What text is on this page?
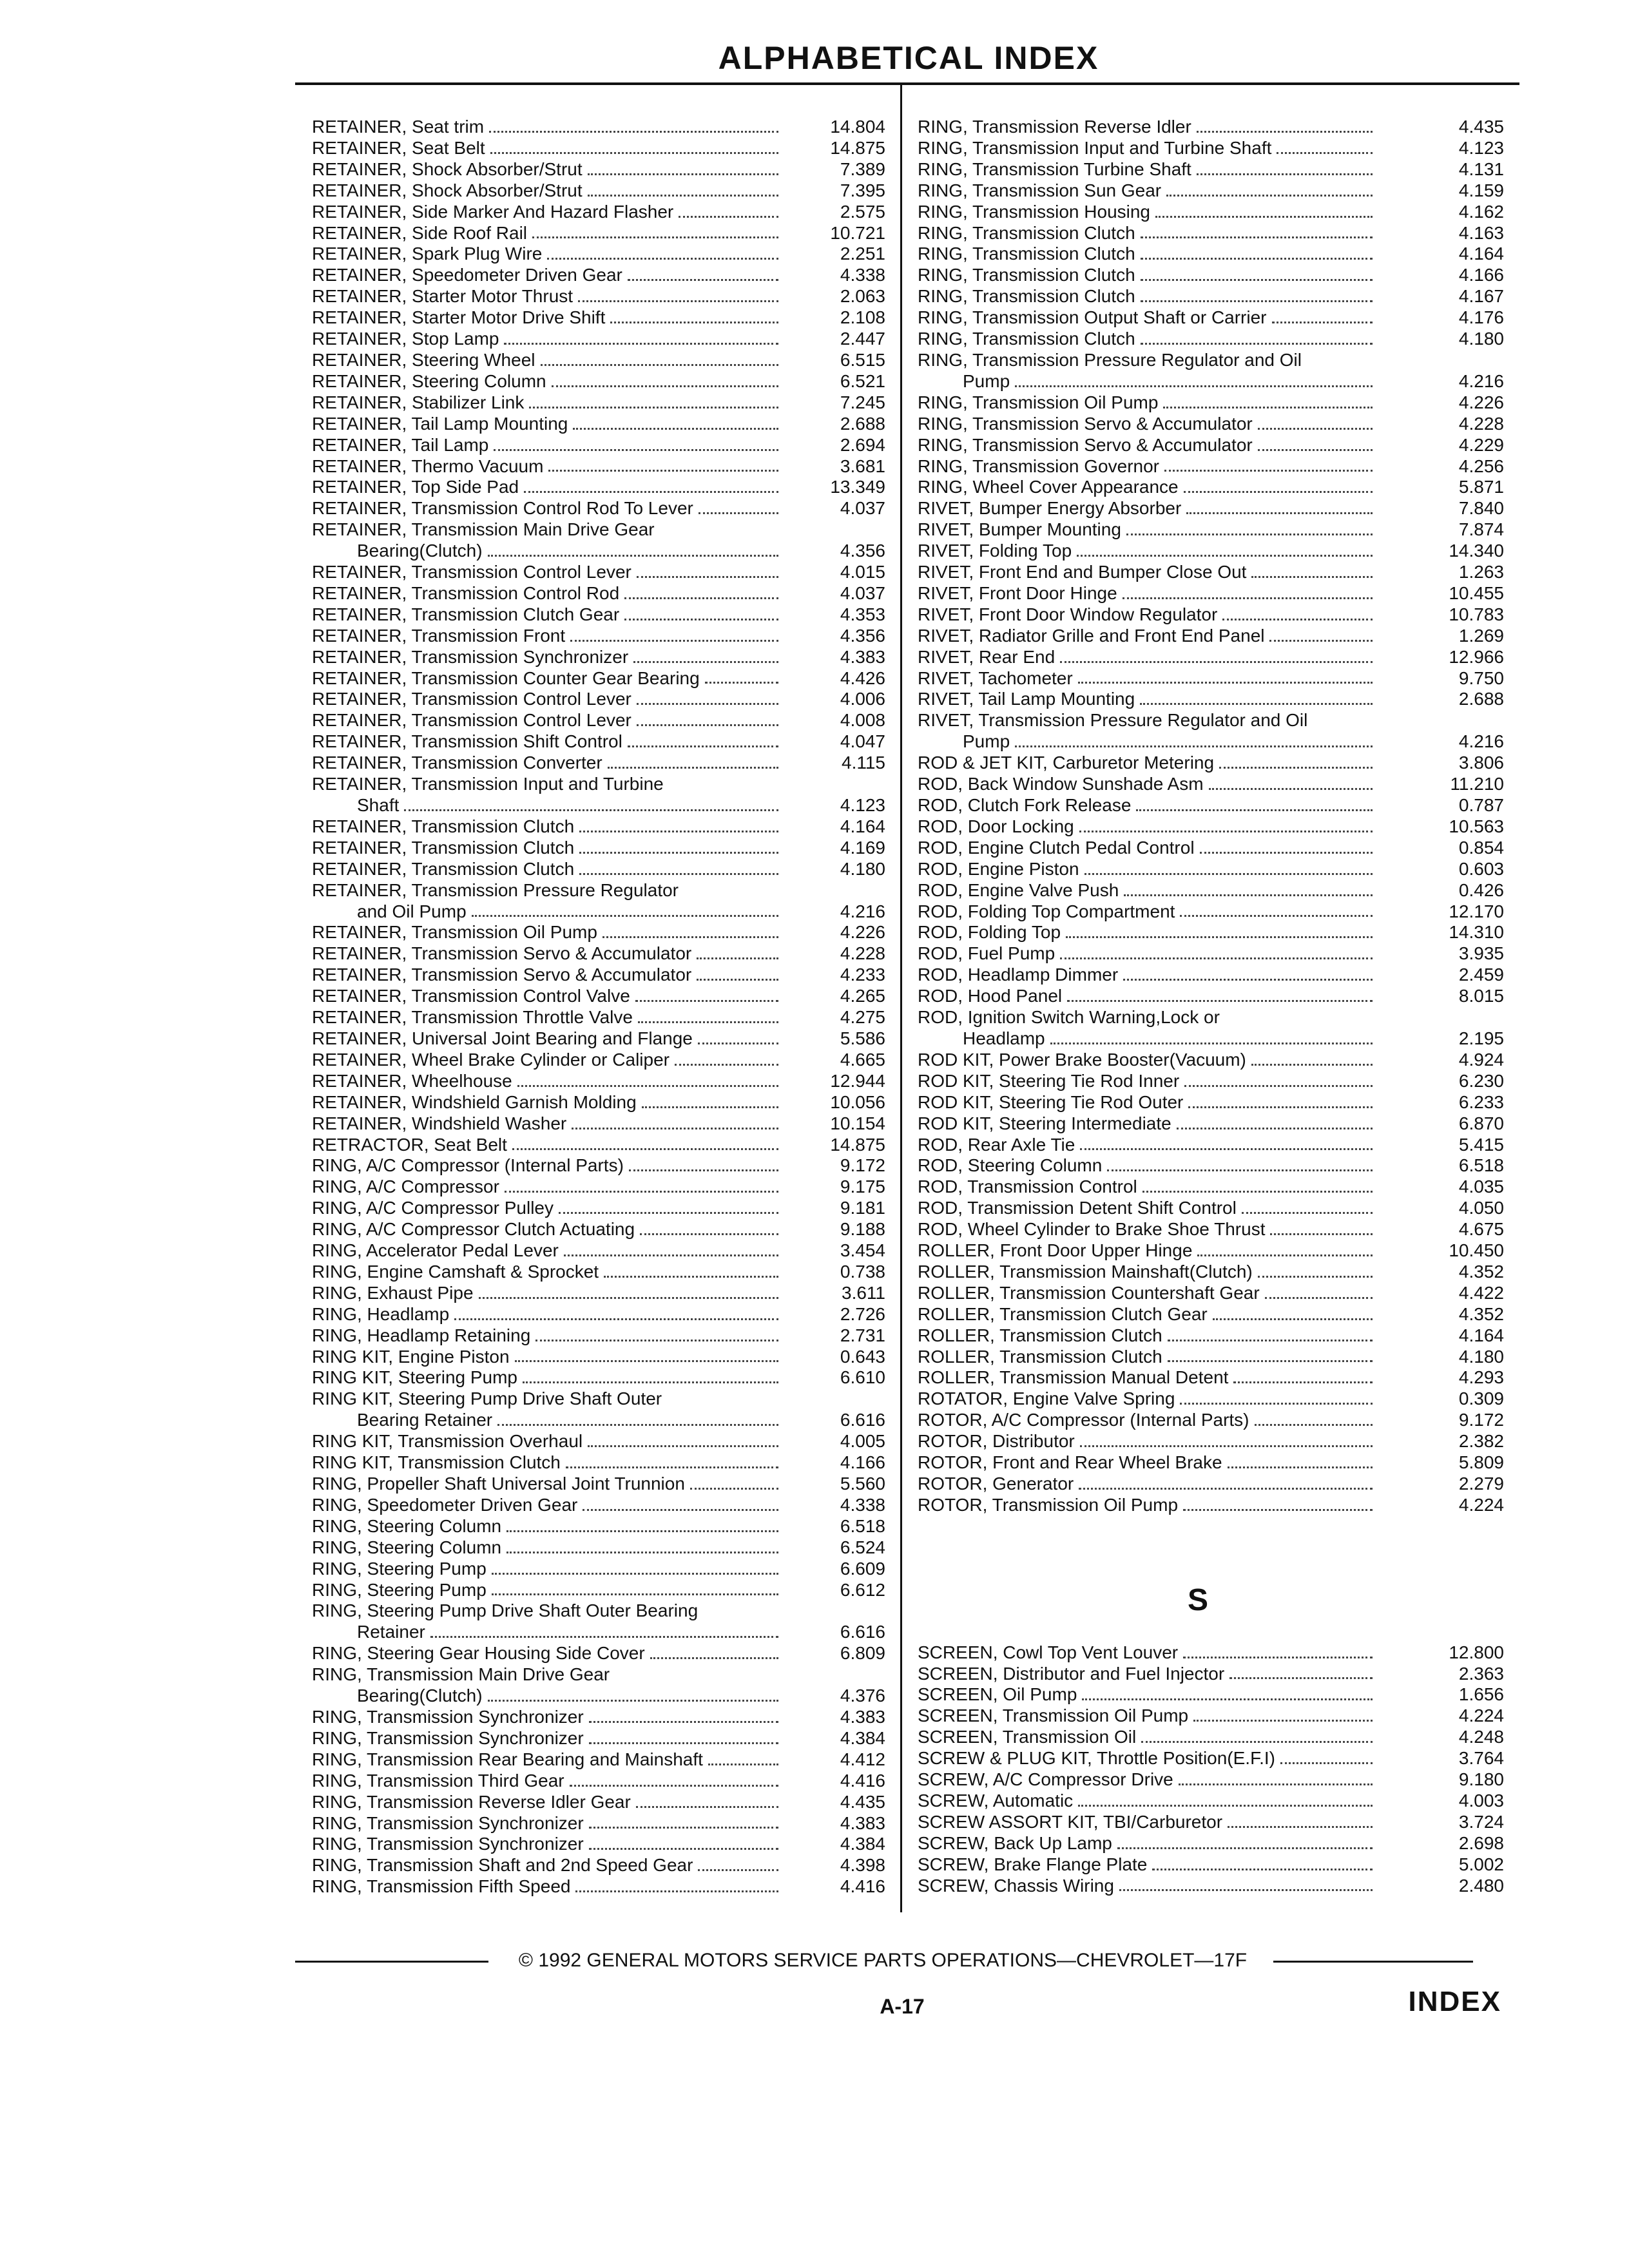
ALPHABETICAL INDEX
RETAINER, Seat trim	14.804
RETAINER, Seat Belt	14.875
RETAINER, Shock Absorber/Strut	7.389
RETAINER, Shock Absorber/Strut	7.395
RETAINER, Side Marker And Hazard Flasher	2.575
RETAINER, Side Roof Rail	10.721
RETAINER, Spark Plug Wire	2.251
RETAINER, Speedometer Driven Gear	4.338
RETAINER, Starter Motor Thrust	2.063
RETAINER, Starter Motor Drive Shift	2.108
RETAINER, Stop Lamp	2.447
RETAINER, Steering Wheel	6.515
RETAINER, Steering Column	6.521
RETAINER, Stabilizer Link	7.245
RETAINER, Tail Lamp Mounting	2.688
RETAINER, Tail Lamp	2.694
RETAINER, Thermo Vacuum	3.681
RETAINER, Top Side Pad	13.349
RETAINER, Transmission Control Rod To Lever	4.037
RETAINER, Transmission Main Drive Gear
Bearing(Clutch)	4.356
RETAINER, Transmission Control Lever	4.015
RETAINER, Transmission Control Rod	4.037
RETAINER, Transmission Clutch Gear	4.353
RETAINER, Transmission Front	4.356
RETAINER, Transmission Synchronizer	4.383
RETAINER, Transmission Counter Gear Bearing	4.426
RETAINER, Transmission Control Lever	4.006
RETAINER, Transmission Control Lever	4.008
RETAINER, Transmission Shift Control	4.047
RETAINER, Transmission Converter	4.115
RETAINER, Transmission Input and Turbine
Shaft	4.123
RETAINER, Transmission Clutch	4.164
RETAINER, Transmission Clutch	4.169
RETAINER, Transmission Clutch	4.180
RETAINER, Transmission Pressure Regulator
and Oil Pump	4.216
RETAINER, Transmission Oil Pump	4.226
RETAINER, Transmission Servo & Accumulator	4.228
RETAINER, Transmission Servo & Accumulator	4.233
RETAINER, Transmission Control Valve	4.265
RETAINER, Transmission Throttle Valve	4.275
RETAINER, Universal Joint Bearing and Flange	5.586
RETAINER, Wheel Brake Cylinder or Caliper	4.665
RETAINER, Wheelhouse	12.944
RETAINER, Windshield Garnish Molding	10.056
RETAINER, Windshield Washer	10.154
RETRACTOR, Seat Belt	14.875
RING, A/C Compressor (Internal Parts)	9.172
RING, A/C Compressor	9.175
RING, A/C Compressor Pulley	9.181
RING, A/C Compressor Clutch Actuating	9.188
RING, Accelerator Pedal Lever	3.454
RING, Engine Camshaft & Sprocket	0.738
RING, Exhaust Pipe	3.611
RING, Headlamp	2.726
RING, Headlamp Retaining	2.731
RING KIT, Engine Piston	0.643
RING KIT, Steering Pump	6.610
RING KIT, Steering Pump Drive Shaft Outer
Bearing Retainer	6.616
RING KIT, Transmission Overhaul	4.005
RING KIT, Transmission Clutch	4.166
RING, Propeller Shaft Universal Joint Trunnion	5.560
RING, Speedometer Driven Gear	4.338
RING, Steering Column	6.518
RING, Steering Column	6.524
RING, Steering Pump	6.609
RING, Steering Pump	6.612
RING, Steering Pump Drive Shaft Outer Bearing
Retainer	6.616
RING, Steering Gear Housing Side Cover	6.809
RING, Transmission Main Drive Gear
Bearing(Clutch)	4.376
RING, Transmission Synchronizer	4.383
RING, Transmission Synchronizer	4.384
RING, Transmission Rear Bearing and Mainshaft	4.412
RING, Transmission Third Gear	4.416
RING, Transmission Reverse Idler Gear	4.435
RING, Transmission Synchronizer	4.383
RING, Transmission Synchronizer	4.384
RING, Transmission Shaft and 2nd Speed Gear	4.398
RING, Transmission Fifth Speed	4.416
RING, Transmission Reverse Idler	4.435
RING, Transmission Input and Turbine Shaft	4.123
RING, Transmission Turbine Shaft	4.131
RING, Transmission Sun Gear	4.159
RING, Transmission Housing	4.162
RING, Transmission Clutch	4.163
RING, Transmission Clutch	4.164
RING, Transmission Clutch	4.166
RING, Transmission Clutch	4.167
RING, Transmission Output Shaft or Carrier	4.176
RING, Transmission Clutch	4.180
RING, Transmission Pressure Regulator and Oil
Pump	4.216
RING, Transmission Oil Pump	4.226
RING, Transmission Servo & Accumulator	4.228
RING, Transmission Servo & Accumulator	4.229
RING, Transmission Governor	4.256
RING, Wheel Cover Appearance	5.871
RIVET, Bumper Energy Absorber	7.840
RIVET, Bumper Mounting	7.874
RIVET, Folding Top	14.340
RIVET, Front End and Bumper Close Out	1.263
RIVET, Front Door Hinge	10.455
RIVET, Front Door Window Regulator	10.783
RIVET, Radiator Grille and Front End Panel	1.269
RIVET, Rear End	12.966
RIVET, Tachometer	9.750
RIVET, Tail Lamp Mounting	2.688
RIVET, Transmission Pressure Regulator and Oil
Pump	4.216
ROD & JET KIT, Carburetor Metering	3.806
ROD, Back Window Sunshade Asm	11.210
ROD, Clutch Fork Release	0.787
ROD, Door Locking	10.563
ROD, Engine Clutch Pedal Control	0.854
ROD, Engine Piston	0.603
ROD, Engine Valve Push	0.426
ROD, Folding Top Compartment	12.170
ROD, Folding Top	14.310
ROD, Fuel Pump	3.935
ROD, Headlamp Dimmer	2.459
ROD, Hood Panel	8.015
ROD, Ignition Switch Warning,Lock or
Headlamp	2.195
ROD KIT, Power Brake Booster(Vacuum)	4.924
ROD KIT, Steering Tie Rod Inner	6.230
ROD KIT, Steering Tie Rod Outer	6.233
ROD KIT, Steering Intermediate	6.870
ROD, Rear Axle Tie	5.415
ROD, Steering Column	6.518
ROD, Transmission Control	4.035
ROD, Transmission Detent Shift Control	4.050
ROD, Wheel Cylinder to Brake Shoe Thrust	4.675
ROLLER, Front Door Upper Hinge	10.450
ROLLER, Transmission Mainshaft(Clutch)	4.352
ROLLER, Transmission Countershaft Gear	4.422
ROLLER, Transmission Clutch Gear	4.352
ROLLER, Transmission Clutch	4.164
ROLLER, Transmission Clutch	4.180
ROLLER, Transmission Manual Detent	4.293
ROTATOR, Engine Valve Spring	0.309
ROTOR, A/C Compressor (Internal Parts)	9.172
ROTOR, Distributor	2.382
ROTOR, Front and Rear Wheel Brake	5.809
ROTOR, Generator	2.279
ROTOR, Transmission Oil Pump	4.224
S
SCREEN, Cowl Top Vent Louver	12.800
SCREEN, Distributor and Fuel Injector	2.363
SCREEN, Oil Pump	1.656
SCREEN, Transmission Oil Pump	4.224
SCREEN, Transmission Oil	4.248
SCREW & PLUG KIT, Throttle Position(E.F.I)	3.764
SCREW, A/C Compressor Drive	9.180
SCREW, Automatic	4.003
SCREW ASSORT KIT, TBI/Carburetor	3.724
SCREW, Back Up Lamp	2.698
SCREW, Brake Flange Plate	5.002
SCREW, Chassis Wiring	2.480
© 1992 GENERAL MOTORS SERVICE PARTS OPERATIONS—CHEVROLET—17F
A-17	INDEX
